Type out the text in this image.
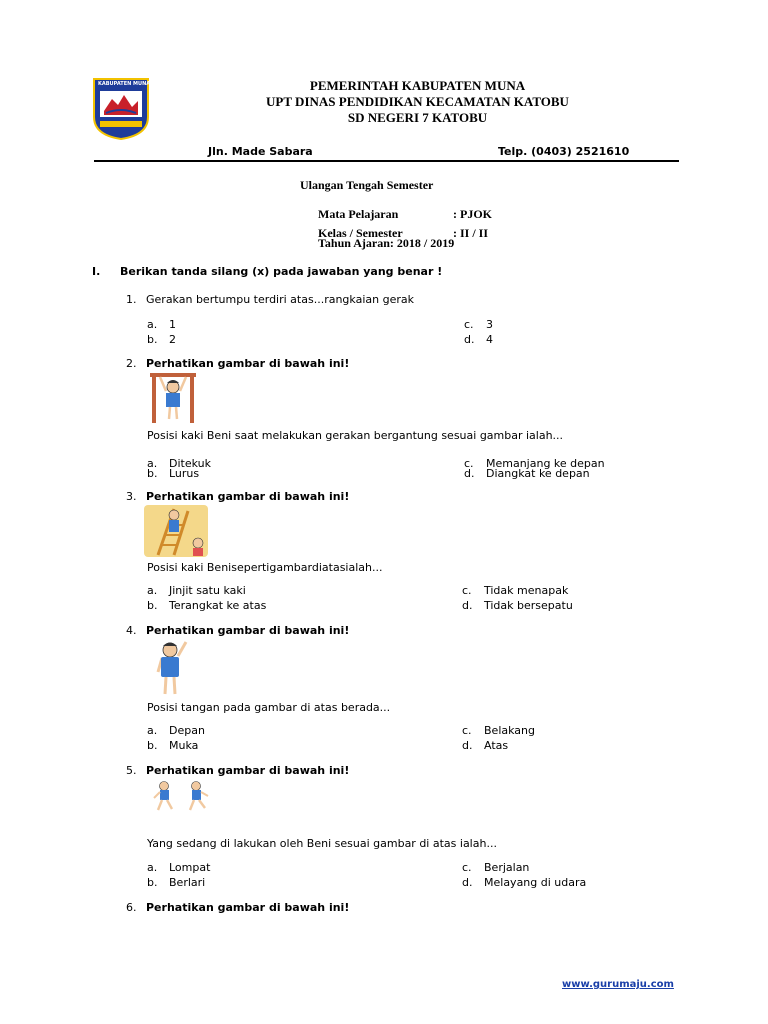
KABUPATEN MUNA	PEMERINTAH KABUPATEN MUNA
UPT DINAS PENDIDIKAN KECAMATAN KATOBU
SD NEGERI 7 KATOBU
Jln. Made Sabara	Telp. (0403) 2521610
Ulangan Tengah Semester
Mata Pelajaran	: PJOK
Kelas / Semester	: II / II
Tahun Ajaran: 2018 / 2019
I. Berikan tanda silang (x) pada jawaban yang benar !
1. Gerakan bertumpu terdiri atas...rangkaian gerak
a. 1
b. 2
c. 3
d. 4
2. Perhatikan gambar di bawah ini!
Posisi kaki Beni saat melakukan gerakan bergantung sesuai gambar ialah...
a. Ditekuk
b. Lurus
c. Memanjang ke depan
d. Diangkat ke depan
3. Perhatikan gambar di bawah ini!
Posisi kaki Benisepertigambardiatasialah...
a. Jinjit satu kaki
b. Terangkat ke atas
c. Tidak menapak
d. Tidak bersepatu
4. Perhatikan gambar di bawah ini!
Posisi tangan pada gambar di atas berada...
a. Depan
b. Muka
c. Belakang
d. Atas
5. Perhatikan gambar di bawah ini!
Yang sedang di lakukan oleh Beni sesuai gambar di atas ialah...
a. Lompat
b. Berlari
c. Berjalan
d. Melayang di udara
6. Perhatikan gambar di bawah ini!
www.gurumaju.com
